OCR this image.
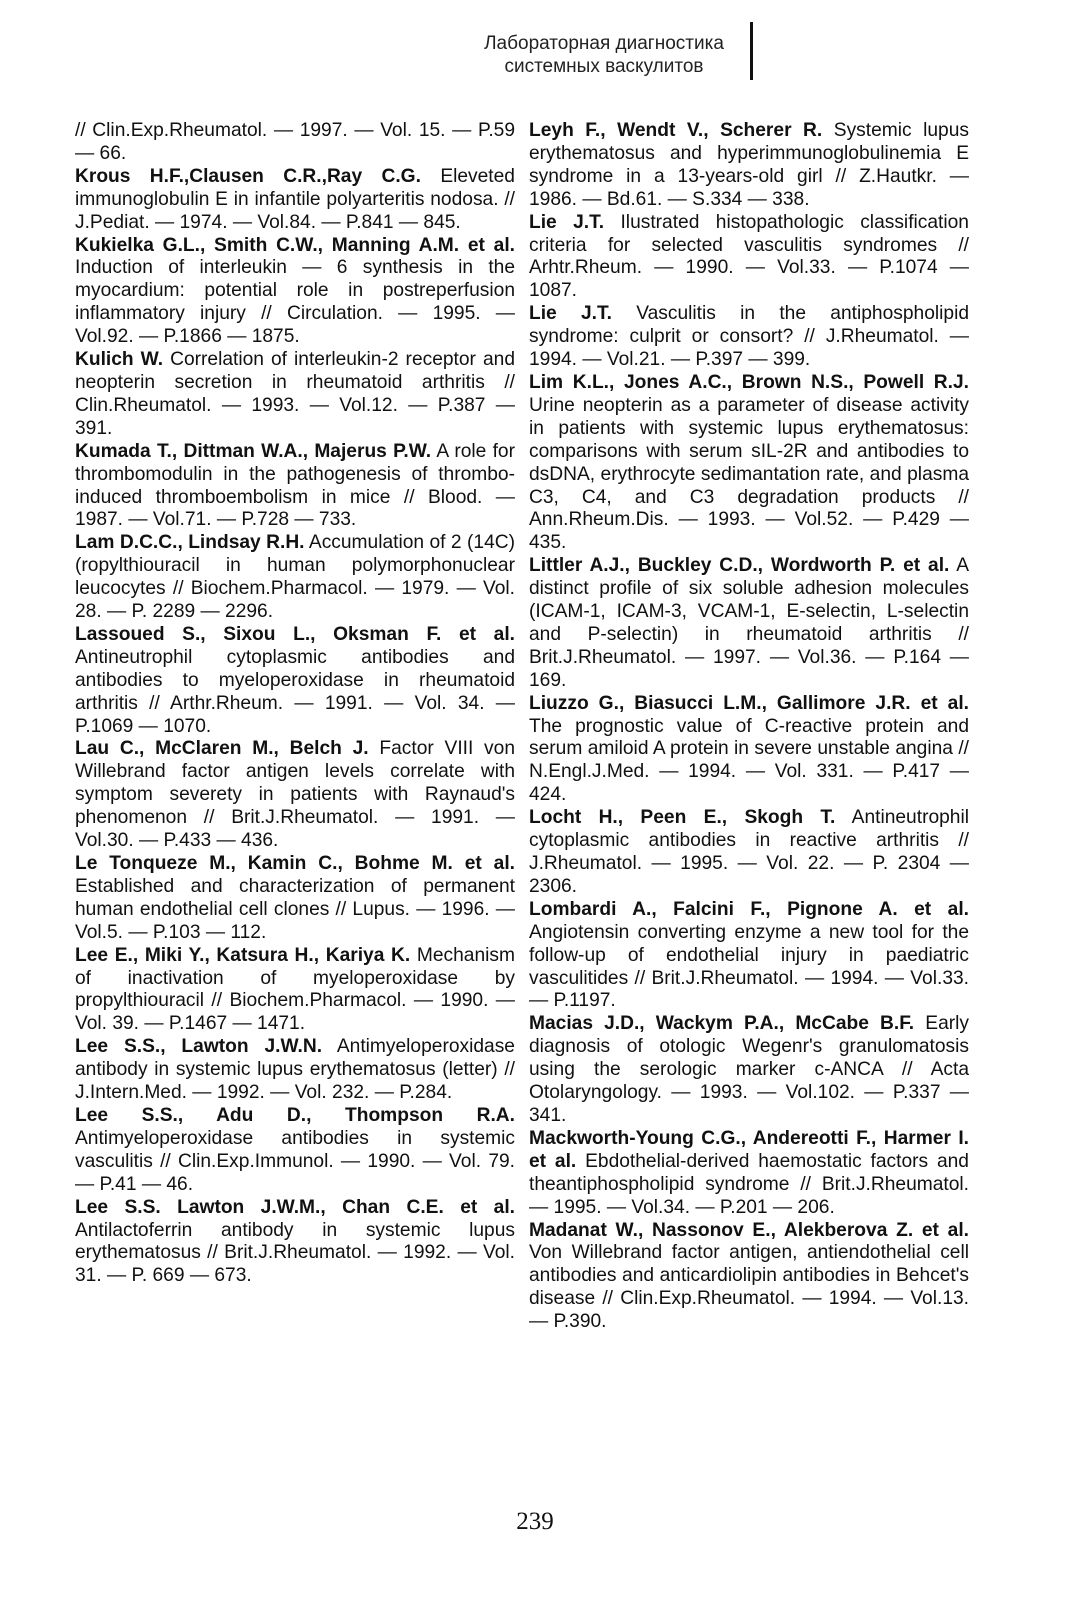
Лабораторная диагностика
системных васкулитов

// Clin.Exp.Rheumatol. — 1997. — Vol. 15. — P.59 — 66.

Krous H.F.,Clausen C.R.,Ray C.G. Eleveted immunoglobulin E in infantile polyarteritis nodosa. // J.Pediat. — 1974. — Vol.84. — P.841 — 845.

Kukielka G.L., Smith C.W., Manning A.M. et al. Induction of interleukin — 6 synthesis in the myocardium: potential role in postreperfusion inflammatory injury // Circulation. — 1995. — Vol.92. — P.1866 — 1875.

Kulich W. Correlation of interleukin-2 receptor and neopterin secretion in rheumatoid arthritis // Clin.Rheumatol. — 1993. — Vol.12. — P.387 — 391.

Kumada T., Dittman W.A., Majerus P.W. A role for thrombomodulin in the pathogenesis of thrombo-induced thromboembolism in mice // Blood. — 1987. — Vol.71. — P.728 — 733.

Lam D.C.C., Lindsay R.H. Accumulation of 2 (14C) (ropylthiouracil in human polymorphonuclear leucocytes // Biochem.Pharmacol. — 1979. — Vol. 28. — P. 2289 — 2296.

Lassoued S., Sixou L., Oksman F. et al. Antineutrophil cytoplasmic antibodies and antibodies to myeloperoxidase in rheumatoid arthritis // Arthr.Rheum. — 1991. — Vol. 34. — P.1069 — 1070.

Lau C., McClaren M., Belch J. Factor VIII von Willebrand factor antigen levels correlate with symptom severety in patients with Raynaud's phenomenon // Brit.J.Rheumatol. — 1991. — Vol.30. — P.433 — 436.

Le Tonqueze M., Kamin C., Bohme M. et al. Established and characterization of permanent human endothelial cell clones // Lupus. — 1996. — Vol.5. — P.103 — 112.

Lee E., Miki Y., Katsura H., Kariya K. Mechanism of inactivation of myeloperoxidase by propylthiouracil // Biochem.Pharmacol. — 1990. — Vol. 39. — P.1467 — 1471.

Lee S.S., Lawton J.W.N. Antimyeloperoxidase antibody in systemic lupus erythematosus (letter) // J.Intern.Med. — 1992. — Vol. 232. — P.284.

Lee S.S., Adu D., Thompson R.A. Antimyeloperoxidase antibodies in systemic vasculitis // Clin.Exp.Immunol. — 1990. — Vol. 79. — P.41 — 46.

Lee S.S. Lawton J.W.M., Chan C.E. et al. Antilactoferrin antibody in systemic lupus erythematosus // Brit.J.Rheumatol. — 1992. — Vol. 31. — P. 669 — 673.

Leyh F., Wendt V., Scherer R. Systemic lupus erythematosus and hyperimmunoglobulinemia E syndrome in a 13-years-old girl // Z.Hautkr. — 1986. — Bd.61. — S.334 — 338.

Lie J.T. Ilustrated histopathologic classification criteria for selected vasculitis syndromes // Arhtr.Rheum. — 1990. — Vol.33. — P.1074 — 1087.

Lie J.T. Vasculitis in the antiphospholipid syndrome: culprit or consort? // J.Rheumatol. — 1994. — Vol.21. — P.397 — 399.

Lim K.L., Jones A.C., Brown N.S., Powell R.J. Urine neopterin as a parameter of disease activity in patients with systemic lupus erythematosus: comparisons with serum sIL-2R and antibodies to dsDNA, erythrocyte sedimantation rate, and plasma C3, C4, and C3 degradation products // Ann.Rheum.Dis. — 1993. — Vol.52. — P.429 — 435.

Littler A.J., Buckley C.D., Wordworth P. et al. A distinct profile of six soluble adhesion molecules (ICAM-1, ICAM-3, VCAM-1, E-selectin, L-selectin and P-selectin) in rheumatoid arthritis // Brit.J.Rheumatol. — 1997. — Vol.36. — P.164 — 169.

Liuzzo G., Biasucci L.M., Gallimore J.R. et al. The prognostic value of C-reactive protein and serum amiloid A protein in severe unstable angina // N.Engl.J.Med. — 1994. — Vol. 331. — P.417 — 424.

Locht H., Peen E., Skogh T. Antineutrophil cytoplasmic antibodies in reactive arthritis // J.Rheumatol. — 1995. — Vol. 22. — P. 2304 — 2306.

Lombardi A., Falcini F., Pignone A. et al. Angiotensin converting enzyme a new tool for the follow-up of endothelial injury in paediatric vasculitides // Brit.J.Rheumatol. — 1994. — Vol.33. — P.1197.

Macias J.D., Wackym P.A., McCabe B.F. Early diagnosis of otologic Wegenr's granulomatosis using the serologic marker c-ANCA // Acta Otolaryngology. — 1993. — Vol.102. — P.337 — 341.

Mackworth-Young C.G., Andereotti F., Harmer I. et al. Ebdothelial-derived haemostatic factors and theantiphospholipid syndrome // Brit.J.Rheumatol. — 1995. — Vol.34. — P.201 — 206.

Madanat W., Nassonov E., Alekberova Z. et al. Von Willebrand factor antigen, antiendothelial cell antibodies and anticardiolipin antibodies in Behcet's disease // Clin.Exp.Rheumatol. — 1994. — Vol.13. — P.390.

239
